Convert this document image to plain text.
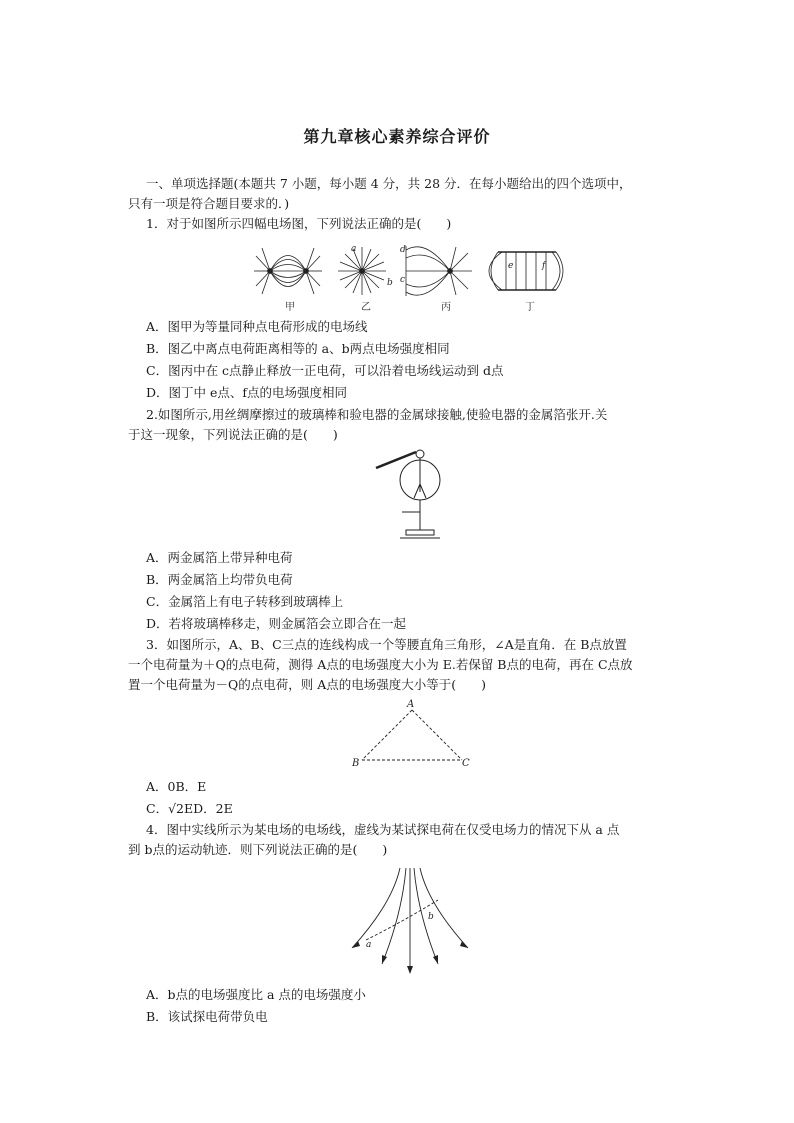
第九章核心素养综合评价
一、单项选择题(本题共 7 小题，每小题 4 分，共 28 分．在每小题给出的四个选项中，
只有一项是符合题目要求的．)
1．对于如图所示四幅电场图，下列说法正确的是(　　)
a
b c
d
e	f
甲	乙	丙	丁
A．图甲为等量同种点电荷形成的电场线
B．图乙中离点电荷距离相等的 a、b两点电场强度相同
C．图丙中在 c点静止释放一正电荷，可以沿着电场线运动到 d点
D．图丁中 e点、f点的电场强度相同
2.如图所示,用丝绸摩擦过的玻璃棒和验电器的金属球接触,使验电器的金属箔张开.关
于这一现象，下列说法正确的是(　　)
A．两金属箔上带异种电荷
B．两金属箔上均带负电荷
C．金属箔上有电子转移到玻璃棒上
D．若将玻璃棒移走，则金属箔会立即合在一起
3．如图所示，A、B、C三点的连线构成一个等腰直角三角形，∠A是直角．在 B点放置
一个电荷量为＋Q的点电荷，测得 A点的电场强度大小为 E.若保留 B点的电荷，再在 C点放
置一个电荷量为－Q的点电荷，则 A点的电场强度大小等于(　　)
A
B	C
A．0B．E
C．√2ED．2E
4．图中实线所示为某电场的电场线，虚线为某试探电荷在仅受电场力的情况下从 a 点
到 b点的运动轨迹．则下列说法正确的是(　　)
a
b
A．b点的电场强度比 a 点的电场强度小
B．该试探电荷带负电
